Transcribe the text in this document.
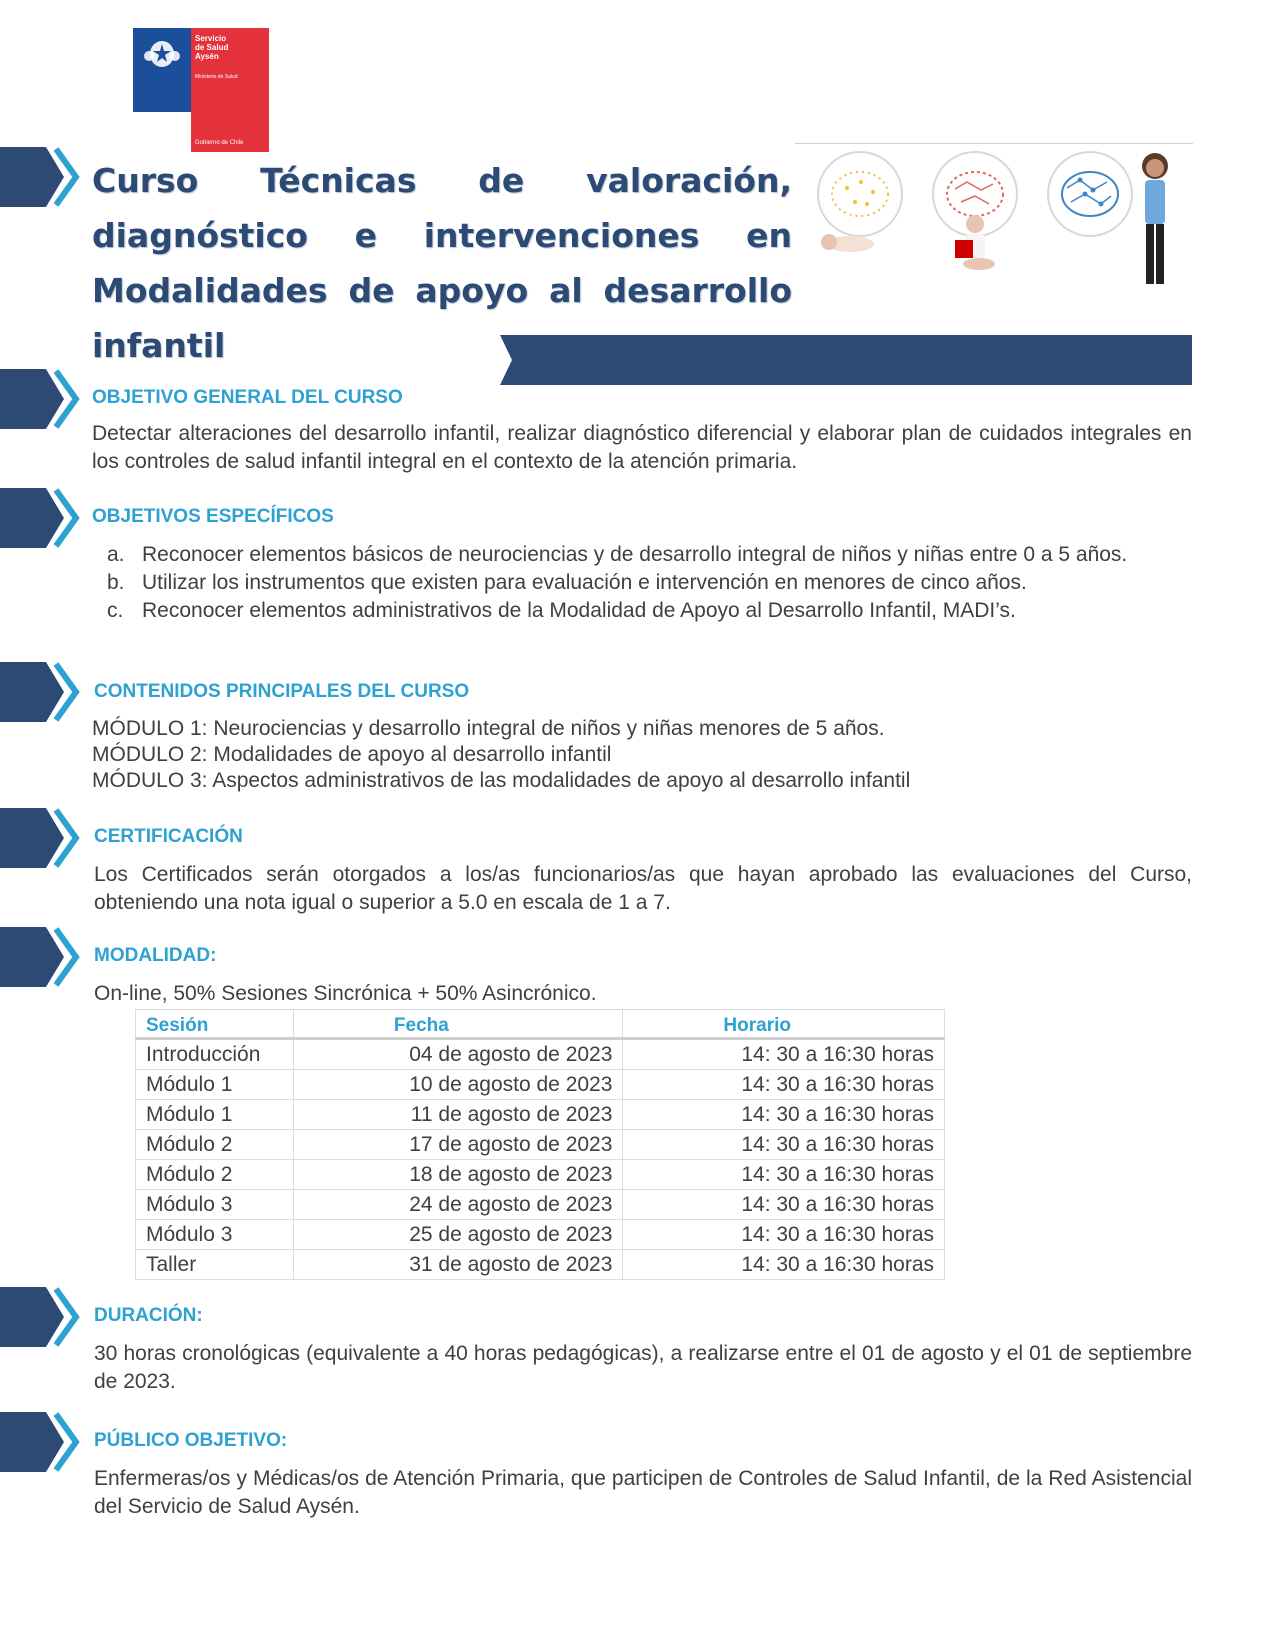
Servicio
de Salud
Aysén
Ministerio de Salud
Gobierno de Chile
Curso Técnicas de valoración, diagnóstico e intervenciones en Modalidades de apoyo al desarrollo infantil
OBJETIVO GENERAL DEL CURSO
Detectar alteraciones del desarrollo infantil, realizar diagnóstico diferencial y elaborar plan de cuidados integrales en los controles de salud infantil integral en el contexto de la atención primaria.
OBJETIVOS ESPECÍFICOS
a. Reconocer elementos básicos de neurociencias y de desarrollo integral de niños y niñas entre 0 a 5 años.
b. Utilizar los instrumentos que existen para evaluación e intervención en menores de cinco años.
c. Reconocer elementos administrativos de la Modalidad de Apoyo al Desarrollo Infantil, MADI’s.
CONTENIDOS PRINCIPALES DEL CURSO
MÓDULO 1: Neurociencias y desarrollo integral de niños y niñas menores de 5 años.
MÓDULO 2: Modalidades de apoyo al desarrollo infantil
MÓDULO 3: Aspectos administrativos de las modalidades de apoyo al desarrollo infantil
CERTIFICACIÓN
Los Certificados serán otorgados a los/as funcionarios/as que hayan aprobado las evaluaciones del Curso, obteniendo una nota igual o superior a 5.0 en escala de 1 a 7.
MODALIDAD:
On-line, 50% Sesiones Sincrónica + 50% Asincrónico.
Sesión	Fecha	Horario
Introducción	04 de agosto de 2023	14: 30 a 16:30 horas
Módulo 1	10 de agosto de 2023	14: 30 a 16:30 horas
Módulo 1	11 de agosto de 2023	14: 30 a 16:30 horas
Módulo 2	17 de agosto de 2023	14: 30 a 16:30 horas
Módulo 2	18 de agosto de 2023	14: 30 a 16:30 horas
Módulo 3	24 de agosto de 2023	14: 30 a 16:30 horas
Módulo 3	25 de agosto de 2023	14: 30 a 16:30 horas
Taller	31 de agosto de 2023	14: 30 a 16:30 horas
DURACIÓN:
30 horas cronológicas (equivalente a 40 horas pedagógicas), a realizarse entre el 01 de agosto y el 01 de septiembre de 2023.
PÚBLICO OBJETIVO:
Enfermeras/os y Médicas/os de Atención Primaria, que participen de Controles de Salud Infantil, de la Red Asistencial del Servicio de Salud Aysén.
